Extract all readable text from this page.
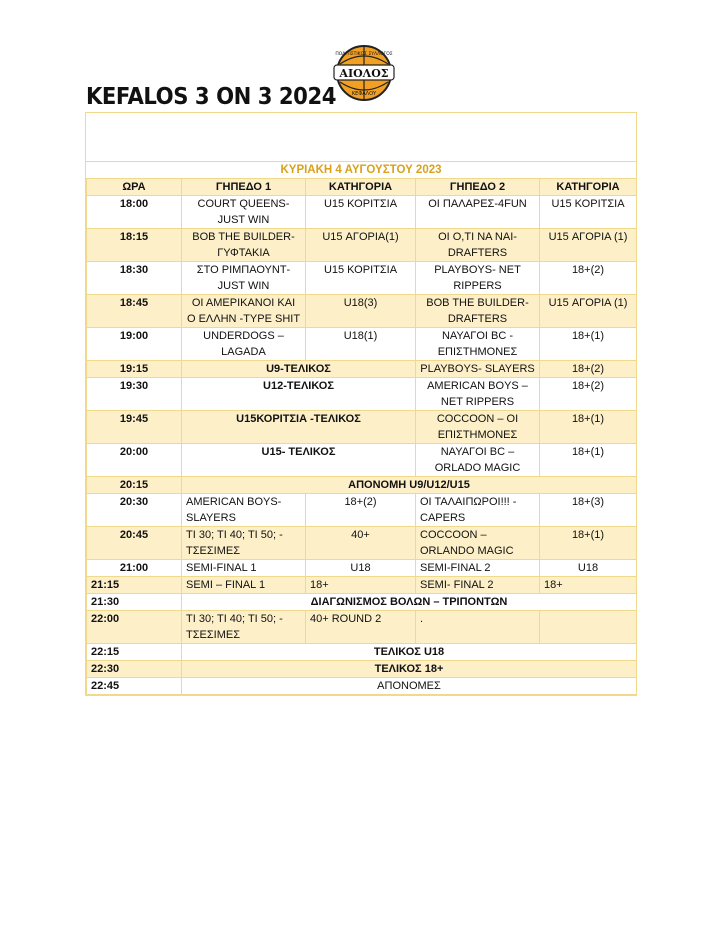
KEFALOS 3 ON 3 2024
ΑΙΟΛΟΣ
ΠΟΛΙΤΙΣΤΙΚΟΣ ΣΥΛΛΟΓΟΣ
ΚΕΦΑΛΟΥ
ΚΥΡΙΑΚΗ 4 ΑΥΓΟΥΣΤΟΥ 2023
ΩΡΑ	ΓΗΠΕΔΟ 1	ΚΑΤΗΓΟΡΙΑ	ΓΗΠΕΔΟ 2	ΚΑΤΗΓΟΡΙΑ
18:00	COURT QUEENS-
JUST WIN	U15 ΚΟΡΙΤΣΙΑ	ΟΙ ΠΑΛΑΡΕΣ-4FUN	U15 ΚΟΡΙΤΣΙΑ
18:15	BOB THE BUILDER-
ΓΥΦΤΑΚΙΑ	U15 ΑΓΟΡΙΑ(1)	ΟΙ Ο,ΤΙ ΝΑ ΝΑΙ-
DRAFTERS	U15 ΑΓΟΡΙΑ (1)
18:30	ΣΤΟ ΡΙΜΠΑΟΥΝΤ-
JUST WIN	U15 ΚΟΡΙΤΣΙΑ	PLAYBOYS- NET
RIPPERS	18+(2)
18:45	ΟΙ ΑΜΕΡΙΚΑΝΟΙ ΚΑΙ
Ο ΕΛΛΗΝ -TYPE SHIT	U18(3)	BOB THE BUILDER-
DRAFTERS	U15 ΑΓΟΡΙΑ (1)
19:00	UNDERDOGS –
LAGADA	U18(1)	ΝΑΥΑΓΟΙ BC -
ΕΠΙΣΤΗΜΟΝΕΣ	18+(1)
19:15	U9-ΤΕΛΙΚΟΣ		PLAYBOYS- SLAYERS	18+(2)
19:30	U12-ΤΕΛΙΚΟΣ		AMERICAN BOYS –
NET RIPPERS	18+(2)
19:45	U15ΚΟΡΙΤΣΙΑ -ΤΕΛΙΚΟΣ		COCCOON – ΟΙ
ΕΠΙΣΤΗΜΟΝΕΣ	18+(1)
20:00	U15- ΤΕΛΙΚΟΣ		ΝΑΥΑΓΟΙ BC –
ORLADO MAGIC	18+(1)
20:15	ΑΠΟΝΟΜΗ U9/U12/U15			
20:30	AMERICAN BOYS-
SLAYERS	18+(2)	ΟΙ ΤΑΛΑΙΠΩΡΟΙ!!! -
CAPERS	18+(3)
20:45	ΤΙ 30; ΤΙ 40; ΤΙ 50; -
ΤΣΕΣΙΜΕΣ	40+	COCCOON –
ORLANDO MAGIC	18+(1)
21:00	SEMI-FINAL 1	U18	SEMI-FINAL 2	U18
21:15	SEMI – FINAL 1	18+	SEMI- FINAL 2	18+
21:30	ΔΙΑΓΩΝΙΣΜΟΣ ΒΟΛΩΝ – ΤΡΙΠΟΝΤΩΝ			
22:00	ΤΙ 30; ΤΙ 40; ΤΙ 50; -
ΤΣΕΣΙΜΕΣ	40+ ROUND 2	.	
22:15	ΤΕΛΙΚΟΣ U18			
22:30	ΤΕΛΙΚΟΣ 18+			
22:45	ΑΠΟΝΟΜΕΣ			
